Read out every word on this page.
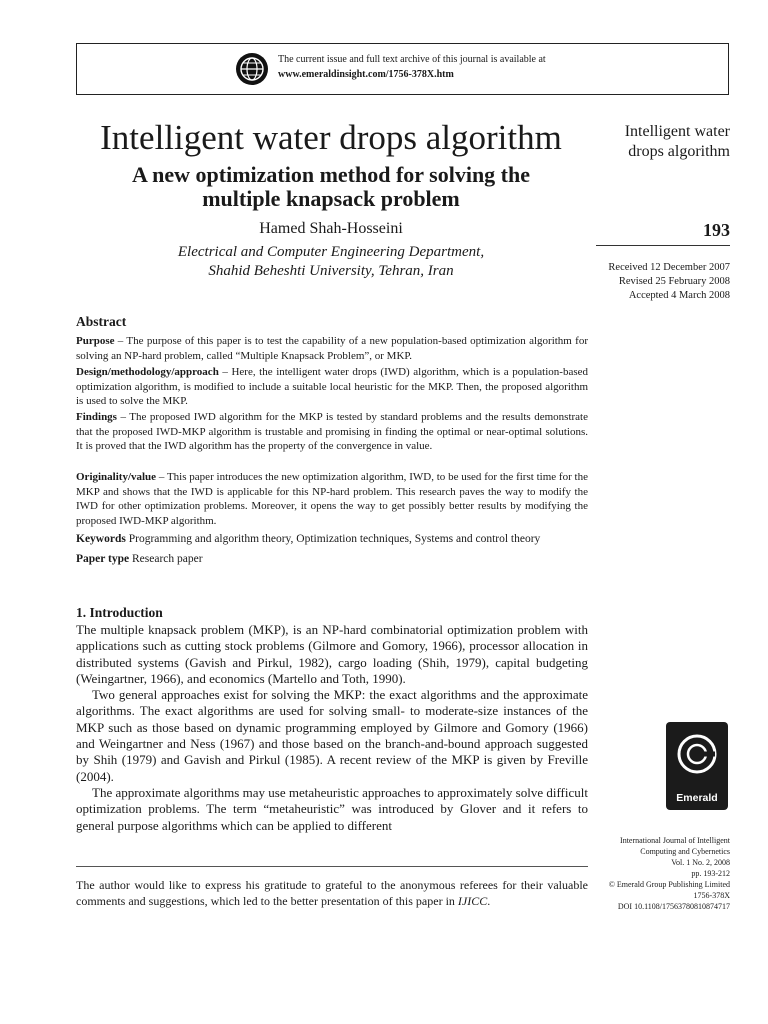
The current issue and full text archive of this journal is available at
www.emeraldinsight.com/1756-378X.htm
Intelligent water drops algorithm
A new optimization method for solving the multiple knapsack problem
Hamed Shah-Hosseini
Electrical and Computer Engineering Department,
Shahid Beheshti University, Tehran, Iran
Intelligent water
drops algorithm
193
Received 12 December 2007
Revised 25 February 2008
Accepted 4 March 2008
Abstract

Purpose – The purpose of this paper is to test the capability of a new population-based optimization algorithm for solving an NP-hard problem, called “Multiple Knapsack Problem”, or MKP.

Design/methodology/approach – Here, the intelligent water drops (IWD) algorithm, which is a population-based optimization algorithm, is modified to include a suitable local heuristic for the MKP. Then, the proposed algorithm is used to solve the MKP.

Findings – The proposed IWD algorithm for the MKP is tested by standard problems and the results demonstrate that the proposed IWD-MKP algorithm is trustable and promising in finding the optimal or near-optimal solutions. It is proved that the IWD algorithm has the property of the convergence in value.

Originality/value – This paper introduces the new optimization algorithm, IWD, to be used for the first time for the MKP and shows that the IWD is applicable for this NP-hard problem. This research paves the way to modify the IWD for other optimization problems. Moreover, it opens the way to get possibly better results by modifying the proposed IWD-MKP algorithm.

Keywords Programming and algorithm theory, Optimization techniques, Systems and control theory

Paper type Research paper

1. Introduction

The multiple knapsack problem (MKP), is an NP-hard combinatorial optimization problem with applications such as cutting stock problems (Gilmore and Gomory, 1966), processor allocation in distributed systems (Gavish and Pirkul, 1982), cargo loading (Shih, 1979), capital budgeting (Weingartner, 1966), and economics (Martello and Toth, 1990).

Two general approaches exist for solving the MKP: the exact algorithms and the approximate algorithms. The exact algorithms are used for solving small- to moderate-size instances of the MKP such as those based on dynamic programming employed by Gilmore and Gomory (1966) and Weingartner and Ness (1967) and those based on the branch-and-bound approach suggested by Shih (1979) and Gavish and Pirkul (1985). A recent review of the MKP is given by Freville (2004).

The approximate algorithms may use metaheuristic approaches to approximately solve difficult optimization problems. The term “metaheuristic” was introduced by Glover and it refers to general purpose algorithms which can be applied to different

The author would like to express his gratitude to grateful to the anonymous referees for their valuable comments and suggestions, which led to the better presentation of this paper in IJICC.
Emerald
International Journal of Intelligent
Computing and Cybernetics
Vol. 1 No. 2, 2008
pp. 193-212
© Emerald Group Publishing Limited
1756-378X
DOI 10.1108/17563780810874717
